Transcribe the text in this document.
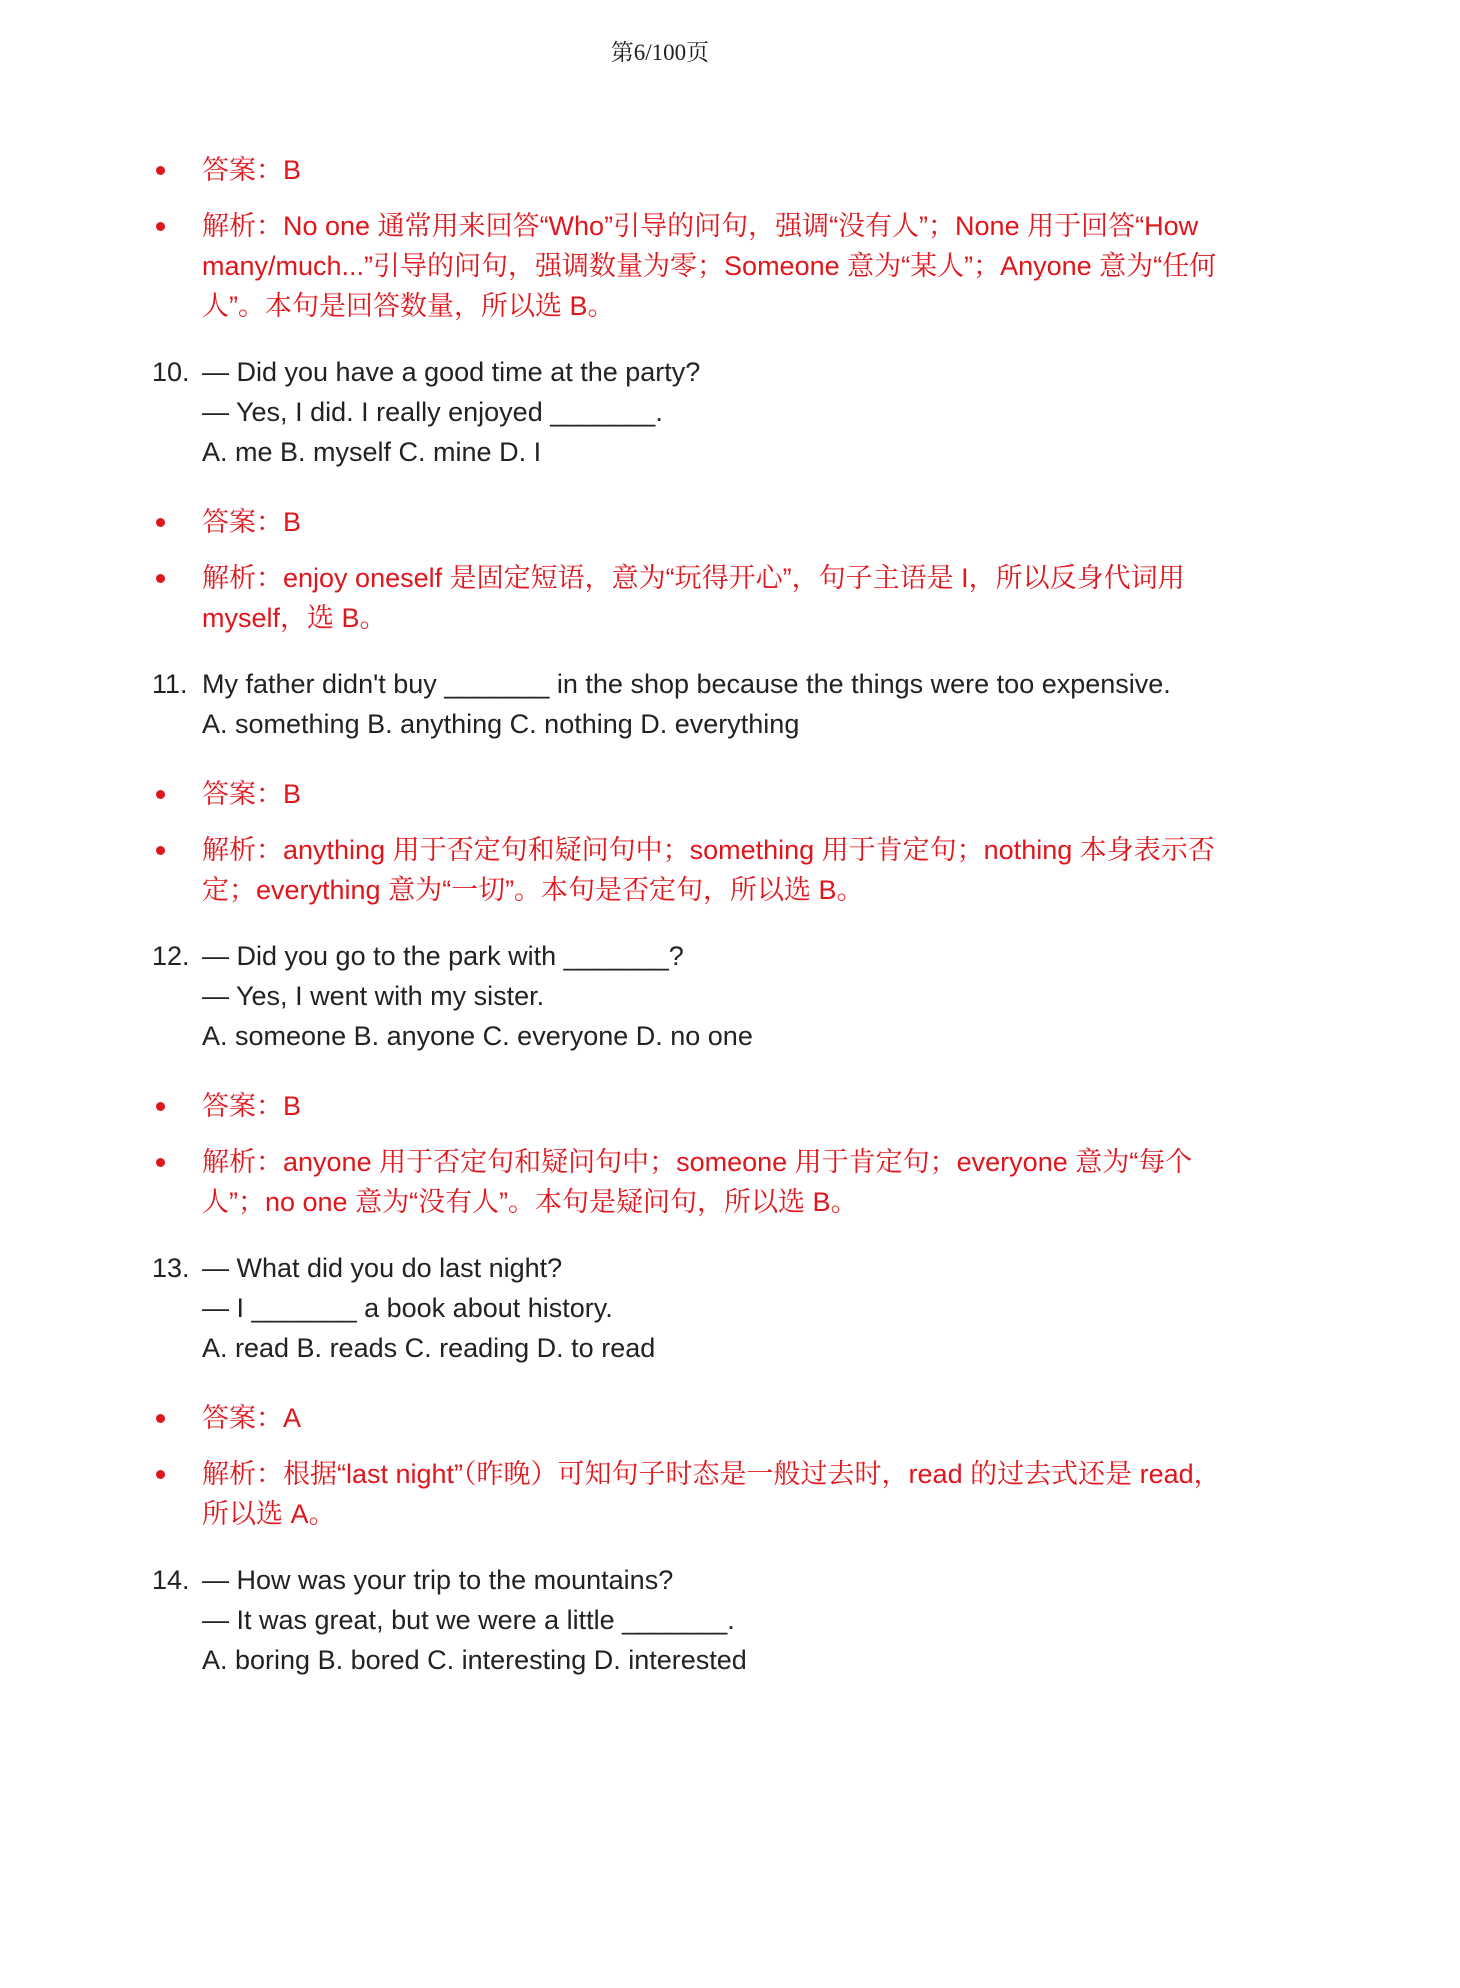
第6/100页
答案：B
解析：No one 通常用来回答“Who”引导的问句，强调“没有人”；None 用于回答“How many/much...”引导的问句，强调数量为零；Someone 意为“某人”；Anyone 意为“任何人”。本句是回答数量，所以选 B。
10. — Did you have a good time at the party?
— Yes, I did. I really enjoyed _______.
A. me B. myself C. mine D. I
答案：B
解析：enjoy oneself 是固定短语，意为“玩得开心”，句子主语是 I，所以反身代词用 myself，选 B。
11. My father didn't buy _______ in the shop because the things were too expensive.
A. something B. anything C. nothing D. everything
答案：B
解析：anything 用于否定句和疑问句中；something 用于肯定句；nothing 本身表示否定；everything 意为“一切”。本句是否定句，所以选 B。
12. — Did you go to the park with _______?
— Yes, I went with my sister.
A. someone B. anyone C. everyone D. no one
答案：B
解析：anyone 用于否定句和疑问句中；someone 用于肯定句；everyone 意为“每个人”；no one 意为“没有人”。本句是疑问句，所以选 B。
13. — What did you do last night?
— I _______ a book about history.
A. read B. reads C. reading D. to read
答案：A
解析：根据“last night”（昨晚）可知句子时态是一般过去时，read 的过去式还是 read，所以选 A。
14. — How was your trip to the mountains?
— It was great, but we were a little _______.
A. boring B. bored C. interesting D. interested
